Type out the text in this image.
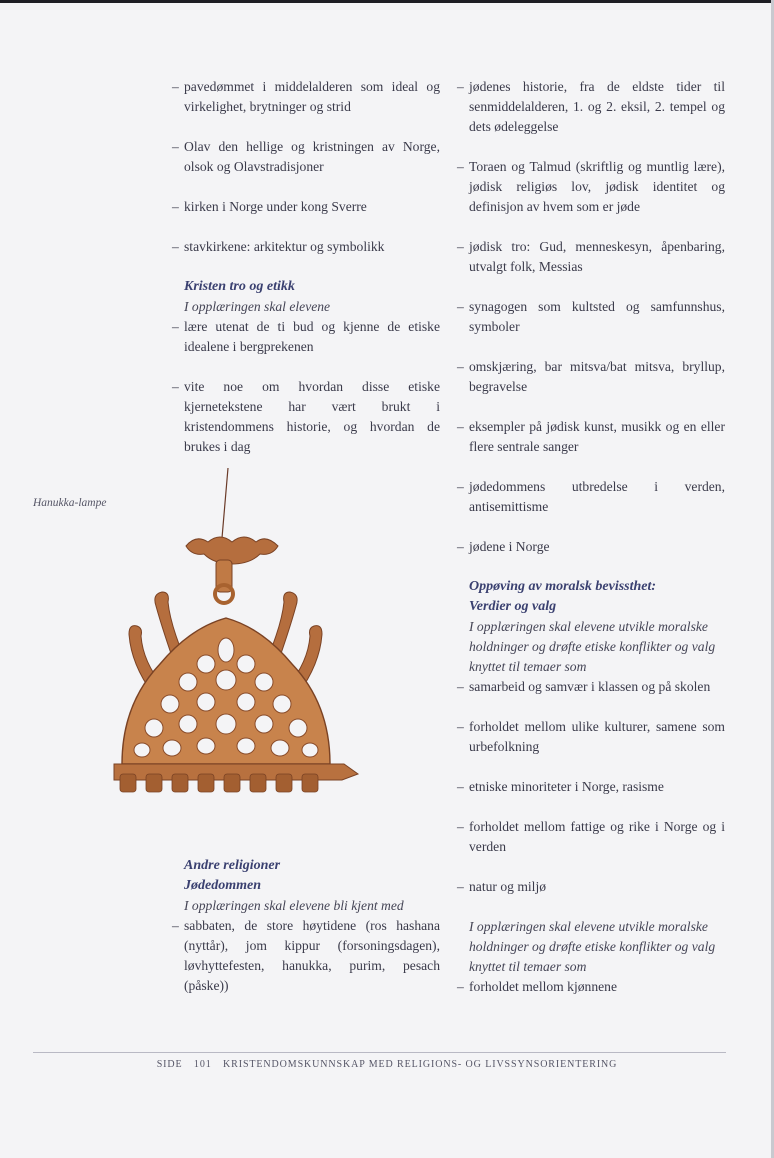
– pavedømmet i middelalderen som ideal og virkelighet, brytninger og strid
– Olav den hellige og kristningen av Norge, olsok og Olavstradisjoner
– kirken i Norge under kong Sverre
– stavkirkene: arkitektur og symbolikk
Kristen tro og etikk
I opplæringen skal elevene
– lære utenat de ti bud og kjenne de etiske idealene i bergprekenen
– vite noe om hvordan disse etiske kjernetekstene har vært brukt i kristendommens historie, og hvordan de brukes i dag
Hanukka-lampe
Andre religioner
Jødedommen
I opplæringen skal elevene bli kjent med
– sabbaten, de store høytidene (ros hashana (nyttår), jom kippur (forsoningsdagen), løvhyttefesten, hanukka, purim, pesach (påske))
– jødenes historie, fra de eldste tider til senmiddelalderen, 1. og 2. eksil, 2. tempel og dets ødeleggelse
– Toraen og Talmud (skriftlig og muntlig lære), jødisk religiøs lov, jødisk identitet og definisjon av hvem som er jøde
– jødisk tro: Gud, menneskesyn, åpenbaring, utvalgt folk, Messias
– synagogen som kultsted og samfunnshus, symboler
– omskjæring, bar mitsva/bat mitsva, bryllup, begravelse
– eksempler på jødisk kunst, musikk og en eller flere sentrale sanger
– jødedommens utbredelse i verden, antisemittisme
– jødene i Norge
Oppøving av moralsk bevissthet:
Verdier og valg
I opplæringen skal elevene utvikle moralske holdninger og drøfte etiske konflikter og valg knyttet til temaer som
– samarbeid og samvær i klassen og på skolen
– forholdet mellom ulike kulturer, samene som urbefolkning
– etniske minoriteter i Norge, rasisme
– forholdet mellom fattige og rike i Norge og i verden
– natur og miljø
I opplæringen skal elevene utvikle moralske holdninger og drøfte etiske konflikter og valg knyttet til temaer som
– forholdet mellom kjønnene
SIDE 101 KRISTENDOMSKUNNSKAP MED RELIGIONS- OG LIVSSYNSORIENTERING
